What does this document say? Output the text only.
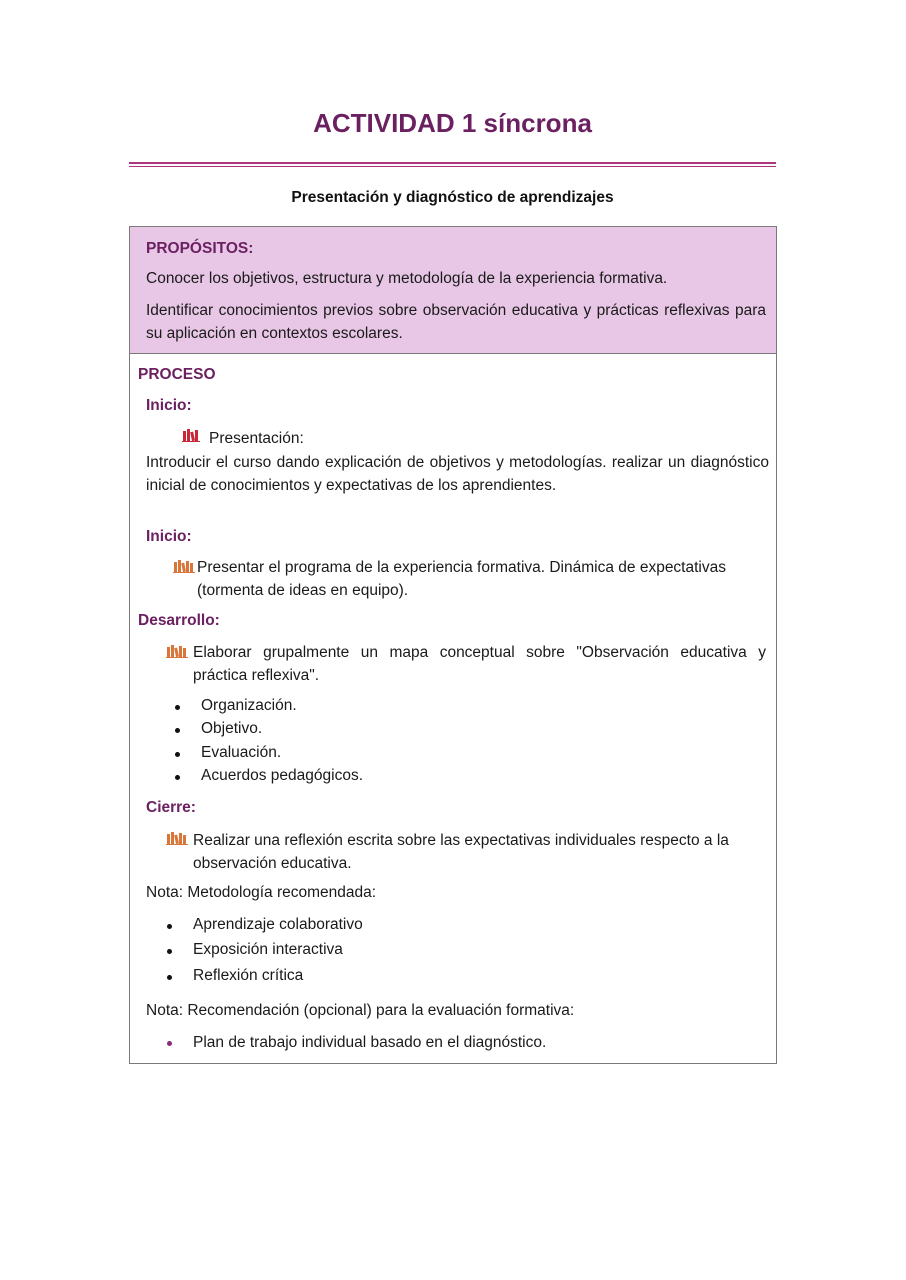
ACTIVIDAD 1 síncrona
Presentación y diagnóstico de aprendizajes
PROPÓSITOS:
Conocer los objetivos, estructura y metodología de la experiencia formativa.
Identificar conocimientos previos sobre observación educativa y prácticas reflexivas para su aplicación en contextos escolares.
PROCESO
Inicio:
Presentación:
Introducir el curso dando explicación de objetivos y metodologías. realizar un diagnóstico inicial de conocimientos y expectativas de los aprendientes.
Inicio:
Presentar el programa de la experiencia formativa. Dinámica de expectativas (tormenta de ideas en equipo).
Desarrollo:
Elaborar grupalmente un mapa conceptual sobre "Observación educativa y práctica reflexiva".
Organización.
Objetivo.
Evaluación.
Acuerdos pedagógicos.
Cierre:
Realizar una reflexión escrita sobre las expectativas individuales respecto a la observación educativa.
Nota: Metodología recomendada:
Aprendizaje colaborativo
Exposición interactiva
Reflexión crítica
Nota: Recomendación (opcional) para la evaluación formativa:
Plan de trabajo individual basado en el diagnóstico.
